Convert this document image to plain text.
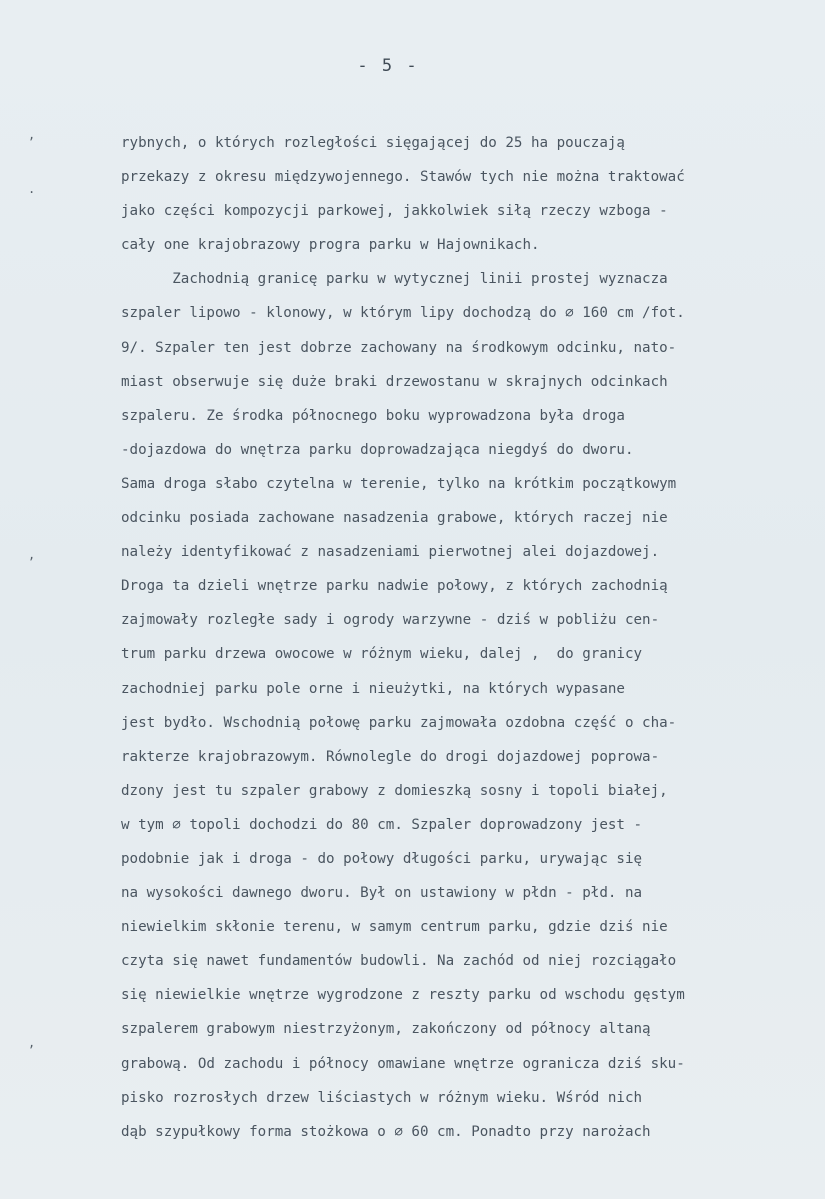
- 5 -
,
.
,
,
rybnych, o których rozległości sięgającej do 25 ha pouczają
przekazy z okresu międzywojennego. Stawów tych nie można traktować
jako części kompozycji parkowej, jakkolwiek siłą rzeczy wzboga -
cały one krajobrazowy progra parku w Hajownikach.
Zachodnią granicę parku w wytycznej linii prostej wyznacza
szpaler lipowo - klonowy, w którym lipy dochodzą do ⌀ 160 cm /fot.
9/. Szpaler ten jest dobrze zachowany na środkowym odcinku, nato-
miast obserwuje się duże braki drzewostanu w skrajnych odcinkach
szpaleru. Ze środka północnego boku wyprowadzona była droga
-dojazdowa do wnętrza parku doprowadzająca niegdyś do dworu.
Sama droga słabo czytelna w terenie, tylko na krótkim początkowym
odcinku posiada zachowane nasadzenia grabowe, których raczej nie
należy identyfikować z nasadzeniami pierwotnej alei dojazdowej.
Droga ta dzieli wnętrze parku nadwie połowy, z których zachodnią
zajmowały rozległe sady i ogrody warzywne - dziś w pobliżu cen-
trum parku drzewa owocowe w różnym wieku, dalej ,  do granicy
zachodniej parku pole orne i nieużytki, na których wypasane
jest bydło. Wschodnią połowę parku zajmowała ozdobna część o cha-
rakterze krajobrazowym. Równolegle do drogi dojazdowej poprowa-
dzony jest tu szpaler grabowy z domieszką sosny i topoli białej,
w tym ⌀ topoli dochodzi do 80 cm. Szpaler doprowadzony jest -
podobnie jak i droga - do połowy długości parku, urywając się
na wysokości dawnego dworu. Był on ustawiony w płdn - płd. na
niewielkim skłonie terenu, w samym centrum parku, gdzie dziś nie
czyta się nawet fundamentów budowli. Na zachód od niej rozciągało
się niewielkie wnętrze wygrodzone z reszty parku od wschodu gęstym
szpalerem grabowym niestrzyżonym, zakończony od północy altaną
grabową. Od zachodu i północy omawiane wnętrze ogranicza dziś sku-
pisko rozrosłych drzew liściastych w różnym wieku. Wśród nich
dąb szypułkowy forma stożkowa o ⌀ 60 cm. Ponadto przy narożach
